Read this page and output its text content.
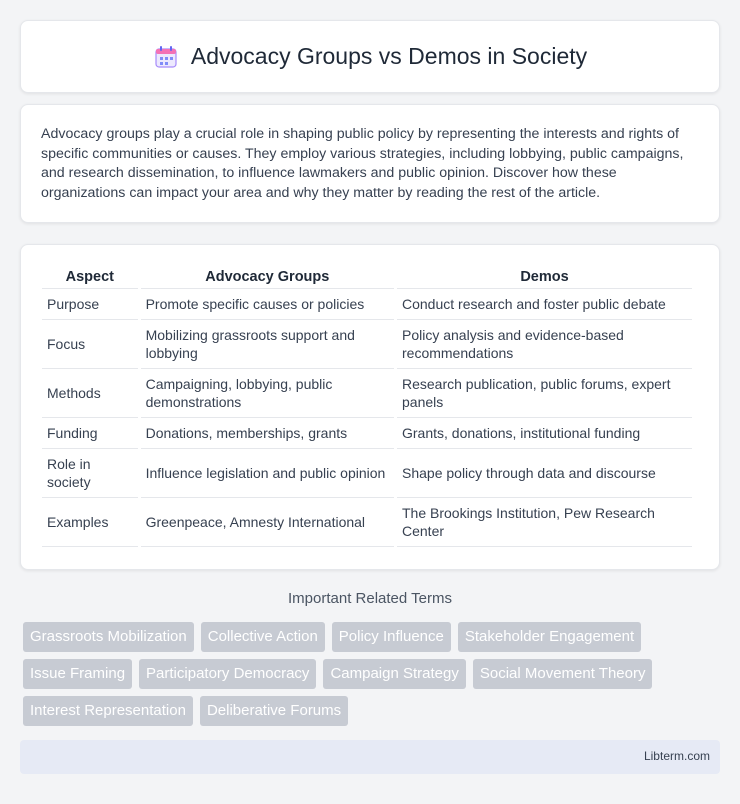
Advocacy Groups vs Demos in Society

Advocacy groups play a crucial role in shaping public policy by representing the interests and rights of specific communities or causes. They employ various strategies, including lobbying, public campaigns, and research dissemination, to influence lawmakers and public opinion. Discover how these organizations can impact your area and why they matter by reading the rest of the article.

Aspect	Advocacy Groups	Demos
Purpose	Promote specific causes or policies	Conduct research and foster public debate
Focus	Mobilizing grassroots support and lobbying	Policy analysis and evidence-based recommendations
Methods	Campaigning, lobbying, public demonstrations	Research publication, public forums, expert panels
Funding	Donations, memberships, grants	Grants, donations, institutional funding
Role in society	Influence legislation and public opinion	Shape policy through data and discourse
Examples	Greenpeace, Amnesty International	The Brookings Institution, Pew Research Center
Important Related Terms
Grassroots Mobilization	Collective Action	Policy Influence	Stakeholder Engagement
Issue Framing	Participatory Democracy	Campaign Strategy	Social Movement Theory
Interest Representation	Deliberative Forums
Libterm.com
